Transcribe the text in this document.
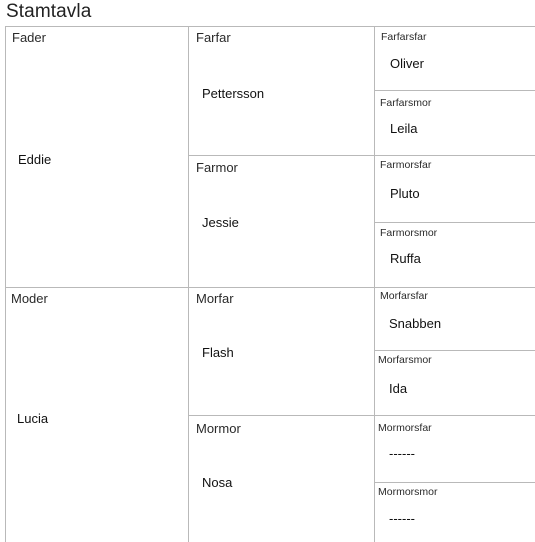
Stamtavla
Fader
Eddie
Moder
Lucia
Farfar
Pettersson
Farmor
Jessie
Morfar
Flash
Mormor
Nosa
Farfarsfar
Oliver
Farfarsmor
Leila
Farmorsfar
Pluto
Farmorsmor
Ruffa
Morfarsfar
Snabben
Morfarsmor
Ida
Mormorsfar
------
Mormorsmor
------
